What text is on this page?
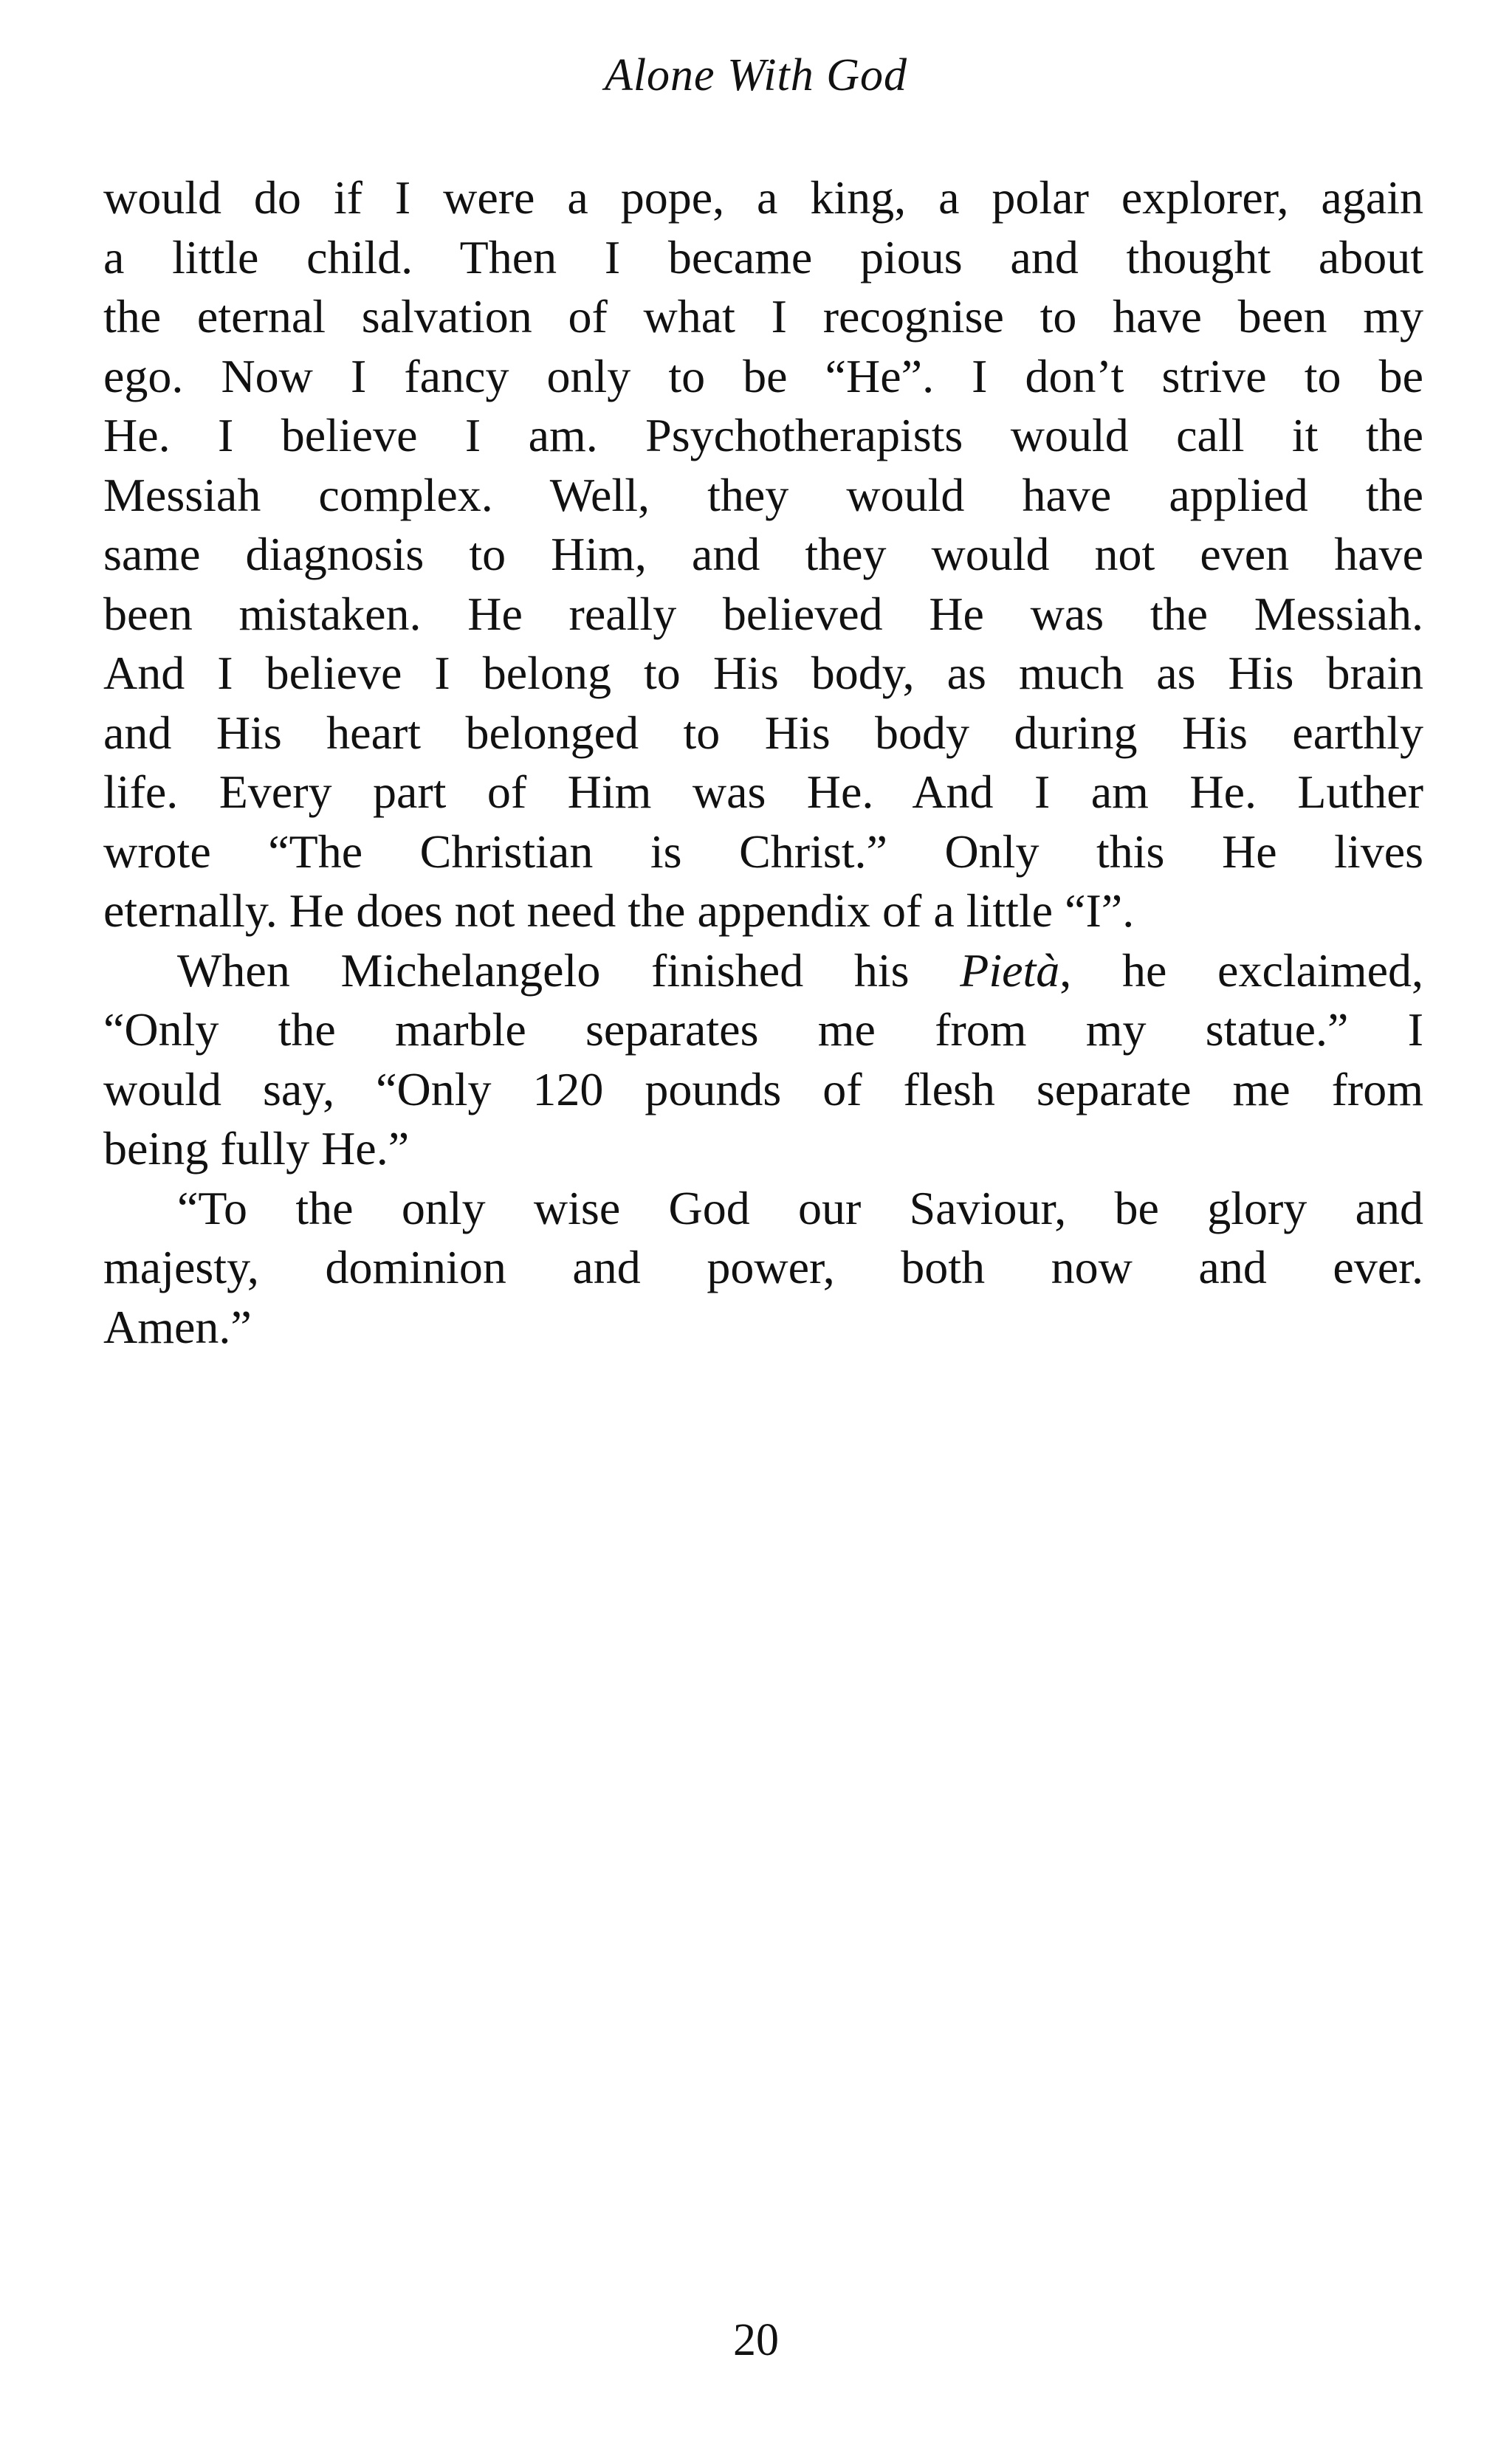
Alone With God
would do if I were a pope, a king, a polar explorer, again
a little child. Then I became pious and thought about
the eternal salvation of what I recognise to have been my
ego. Now I fancy only to be “He”. I don’t strive to be
He. I believe I am. Psychotherapists would call it the
Messiah complex. Well, they would have applied the
same diagnosis to Him, and they would not even have
been mistaken. He really believed He was the Messiah.
And I believe I belong to His body, as much as His brain
and His heart belonged to His body during His earthly
life. Every part of Him was He. And I am He. Luther
wrote “The Christian is Christ.” Only this He lives
eternally. He does not need the appendix of a little “I”.
When Michelangelo finished his Pietà, he exclaimed,
“Only the marble separates me from my statue.” I
would say, “Only 120 pounds of flesh separate me from
being fully He.”
“To the only wise God our Saviour, be glory and
majesty, dominion and power, both now and ever.
Amen.”
20
